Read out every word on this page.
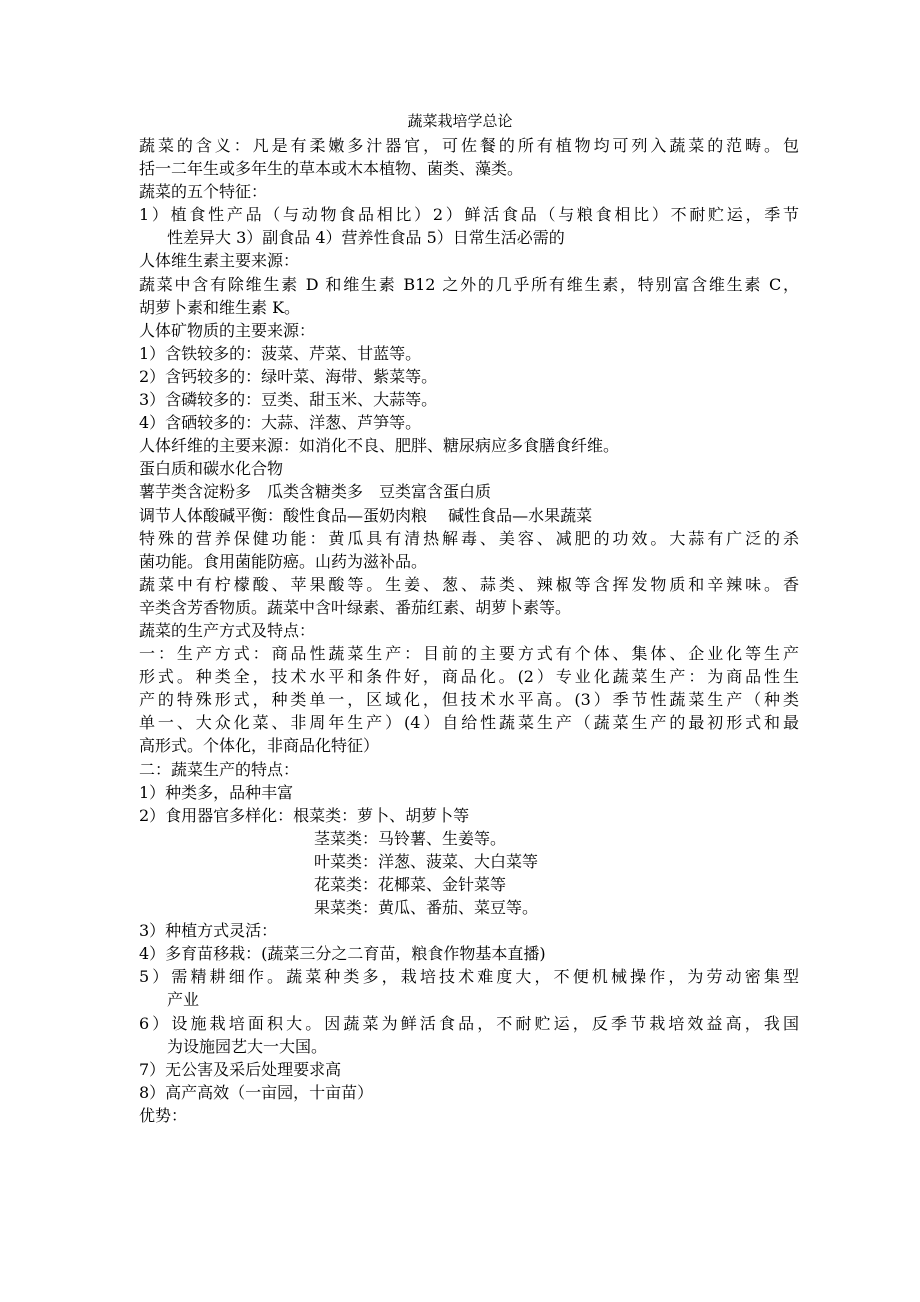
蔬菜栽培学总论
蔬菜的含义：凡是有柔嫩多汁器官，可佐餐的所有植物均可列入蔬菜的范畴。包
括一二年生或多年生的草本或木本植物、菌类、藻类。
蔬菜的五个特征：
1）植食性产品（与动物食品相比）2）鲜活食品（与粮食相比）不耐贮运，季节
性差异大 3）副食品 4）营养性食品 5）日常生活必需的
人体维生素主要来源：
蔬菜中含有除维生素 D 和维生素 B12 之外的几乎所有维生素，特别富含维生素 C，
胡萝卜素和维生素 K。
人体矿物质的主要来源：
1）含铁较多的：菠菜、芹菜、甘蓝等。
2）含钙较多的：绿叶菜、海带、紫菜等。
3）含磷较多的：豆类、甜玉米、大蒜等。
4）含硒较多的：大蒜、洋葱、芦笋等。
人体纤维的主要来源：如消化不良、肥胖、糖尿病应多食膳食纤维。
蛋白质和碳水化合物
薯芋类含淀粉多　瓜类含糖类多　豆类富含蛋白质
调节人体酸碱平衡：酸性食品—蛋奶肉粮　 碱性食品—水果蔬菜
特殊的营养保健功能：黄瓜具有清热解毒、美容、减肥的功效。大蒜有广泛的杀
菌功能。食用菌能防癌。山药为滋补品。
蔬菜中有柠檬酸、苹果酸等。生姜、葱、蒜类、辣椒等含挥发物质和辛辣味。香
辛类含芳香物质。蔬菜中含叶绿素、番茄红素、胡萝卜素等。
蔬菜的生产方式及特点：
一：生产方式：商品性蔬菜生产：目前的主要方式有个体、集体、企业化等生产
形式。种类全，技术水平和条件好，商品化。(2）专业化蔬菜生产：为商品性生
产的特殊形式，种类单一，区域化，但技术水平高。(3）季节性蔬菜生产（种类
单一、大众化菜、非周年生产）(4）自给性蔬菜生产（蔬菜生产的最初形式和最
高形式。个体化，非商品化特征）
二：蔬菜生产的特点：
1）种类多，品种丰富
2）食用器官多样化：根菜类：萝卜、胡萝卜等
茎菜类：马铃薯、生姜等。
叶菜类：洋葱、菠菜、大白菜等
花菜类：花椰菜、金针菜等
果菜类：黄瓜、番茄、菜豆等。
3）种植方式灵活：
4）多育苗移栽：(蔬菜三分之二育苗，粮食作物基本直播)
5）需精耕细作。蔬菜种类多，栽培技术难度大，不便机械操作，为劳动密集型
产业
6）设施栽培面积大。因蔬菜为鲜活食品，不耐贮运，反季节栽培效益高，我国
为设施园艺大一大国。
7）无公害及采后处理要求高
8）高产高效（一亩园，十亩苗）
优势：
